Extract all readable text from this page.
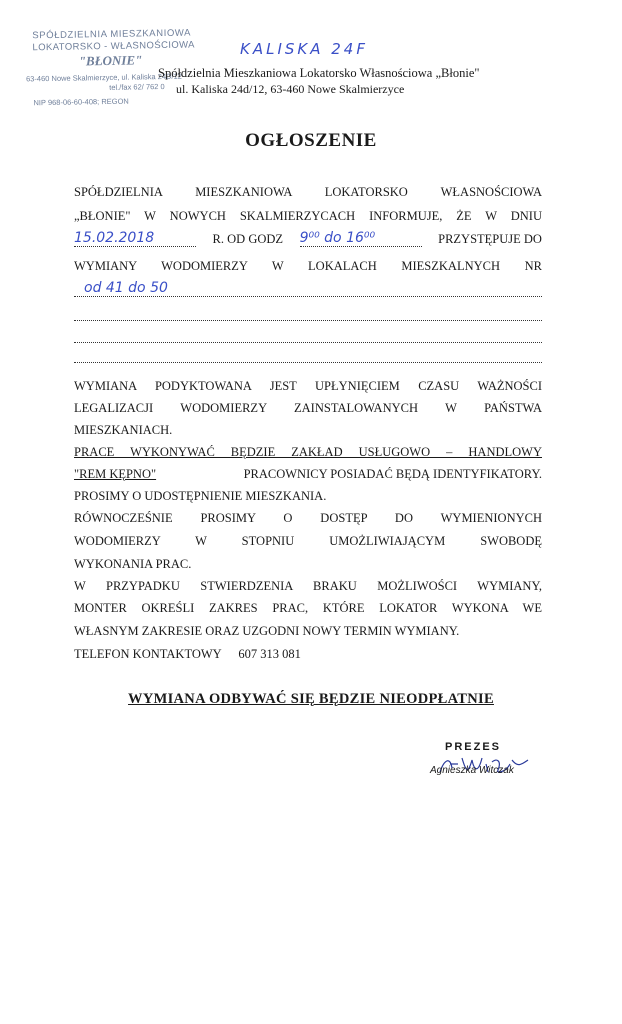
SPÓŁDZIELNIA MIESZKANIOWA
LOKATORSKO - WŁASNOŚCIOWA
"BŁONIE"
63-460 Nowe Skalmierzyce, ul. Kaliska 24D/12
tel./fax 62/ 762 0
NIP 968-06-60-408; REGON
KALISKA 24F
Spółdzielnia Mieszkaniowa Lokatorsko Własnościowa „Błonie"
ul. Kaliska 24d/12, 63-460 Nowe Skalmierzyce
OGŁOSZENIE
SPÓŁDZIELNIA MIESZKANIOWA LOKATORSKO WŁASNOŚCIOWA
„BŁONIE" W NOWYCH SKALMIERZYCACH INFORMUJE, ŻE W DNIU
15.02.2018	R. OD GODZ 9⁰⁰ do 16⁰⁰	PRZYSTĘPUJE DO
WYMIANY WODOMIERZY W LOKALACH MIESZKALNYCH NR
od 41 do 50
WYMIANA PODYKTOWANA JEST UPŁYNIĘCIEM CZASU WAŻNOŚCI
LEGALIZACJI WODOMIERZY ZAINSTALOWANYCH W PAŃSTWA
MIESZKANIACH.
PRACE WYKONYWAĆ BĘDZIE ZAKŁAD USŁUGOWO – HANDLOWY
"REM KĘPNO"	PRACOWNICY POSIADAĆ BĘDĄ IDENTYFIKATORY.
PROSIMY O UDOSTĘPNIENIE MIESZKANIA.
RÓWNOCZEŚNIE PROSIMY O DOSTĘP DO WYMIENIONYCH
WODOMIERZY W STOPNIU UMOŻLIWIAJĄCYM SWOBODĘ
WYKONANIA PRAC.
W PRZYPADKU STWIERDZENIA BRAKU MOŻLIWOŚCI WYMIANY,
MONTER OKREŚLI ZAKRES PRAC, KTÓRE LOKATOR WYKONA WE
WŁASNYM ZAKRESIE ORAZ UZGODNI NOWY TERMIN WYMIANY.
TELEFON KONTAKTOWY 607 313 081
WYMIANA ODBYWAĆ SIĘ BĘDZIE NIEODPŁATNIE
PREZES
Agnieszka Witczak
